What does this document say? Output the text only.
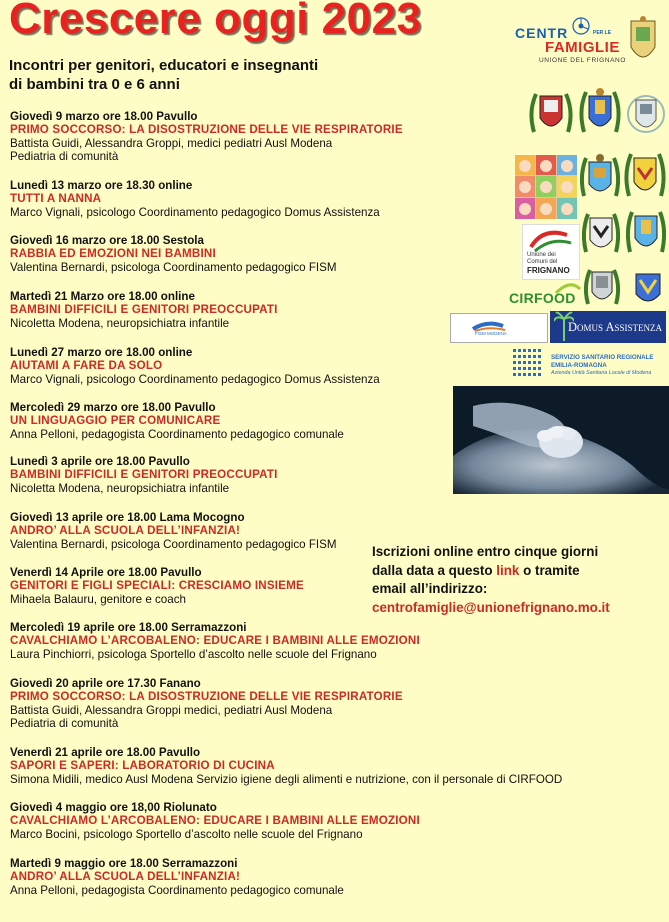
Crescere oggi 2023
Incontri per genitori, educatori e insegnanti
di bambini tra 0 e 6 anni
Giovedì 9 marzo ore 18.00 Pavullo
PRIMO SOCCORSO: LA DISOSTRUZIONE DELLE VIE RESPIRATORIE
Battista Guidi, Alessandra Groppi, medici pediatri Ausl Modena
Pediatria di comunità
Lunedì 13 marzo ore 18.30 online
TUTTI A NANNA
Marco Vignali, psicologo Coordinamento pedagogico Domus Assistenza
Giovedì 16 marzo ore 18.00 Sestola
RABBIA ED EMOZIONI NEI BAMBINI
Valentina Bernardi, psicologa Coordinamento pedagogico FISM
Martedì 21 Marzo ore 18.00 online
BAMBINI DIFFICILI E GENITORI PREOCCUPATI
Nicoletta Modena, neuropsichiatra infantile
Lunedì 27 marzo ore 18.00 online
AIUTAMI A FARE DA SOLO
Marco Vignali, psicologo Coordinamento pedagogico Domus Assistenza
Mercoledì 29 marzo ore 18.00 Pavullo
UN LINGUAGGIO PER COMUNICARE
Anna Pelloni, pedagogista Coordinamento pedagogico comunale
Lunedì 3 aprile ore 18.00 Pavullo
BAMBINI DIFFICILI E GENITORI PREOCCUPATI
Nicoletta Modena, neuropsichiatra infantile
Giovedì 13 aprile ore 18.00 Lama Mocogno
ANDRO’ ALLA SCUOLA DELL’INFANZIA!
Valentina Bernardi, psicologa Coordinamento pedagogico FISM
Venerdì 14 Aprile ore 18.00 Pavullo
GENITORI E FIGLI SPECIALI: CRESCIAMO INSIEME
Mihaela Balauru, genitore e coach
Mercoledì 19 aprile ore 18.00 Serramazzoni
CAVALCHIAMO L’ARCOBALENO: EDUCARE I BAMBINI ALLE EMOZIONI
Laura Pinchiorri, psicologa Sportello d’ascolto nelle scuole del Frignano
Giovedì 20 aprile ore 17.30 Fanano
PRIMO SOCCORSO: LA DISOSTRUZIONE DELLE VIE RESPIRATORIE
Battista Guidi, Alessandra Groppi medici, pediatri Ausl Modena
Pediatria di comunità
Venerdì 21 aprile ore 18.00 Pavullo
SAPORI E SAPERI: LABORATORIO DI CUCINA
Simona Midili, medico Ausl Modena Servizio igiene degli alimenti e nutrizione, con il personale di CIRFOOD
Giovedì 4 maggio ore 18,00 Riolunato
CAVALCHIAMO L’ARCOBALENO: EDUCARE I BAMBINI ALLE EMOZIONI
Marco Bocini, psicologo Sportello d’ascolto nelle scuole del Frignano
Martedì 9 maggio ore 18.00 Serramazzoni
ANDRO’ ALLA SCUOLA DELL’INFANZIA!
Anna Pelloni, pedagogista Coordinamento pedagogico comunale
Iscrizioni online entro cinque giorni
dalla data a questo link o tramite
email all’indirizzo:
centrofamiglie@unionefrignano.mo.it
CENTR	PER LE
FAMIGLIE
UNIONE DEL FRIGNANO
Unione dei
Comuni del
FRIGNANO
CIRFOOD
FISM MODENA	Domus Assistenza
SERVIZIO SANITARIO REGIONALE
EMILIA-ROMAGNA
Azienda Unità Sanitaria Locale di Modena
